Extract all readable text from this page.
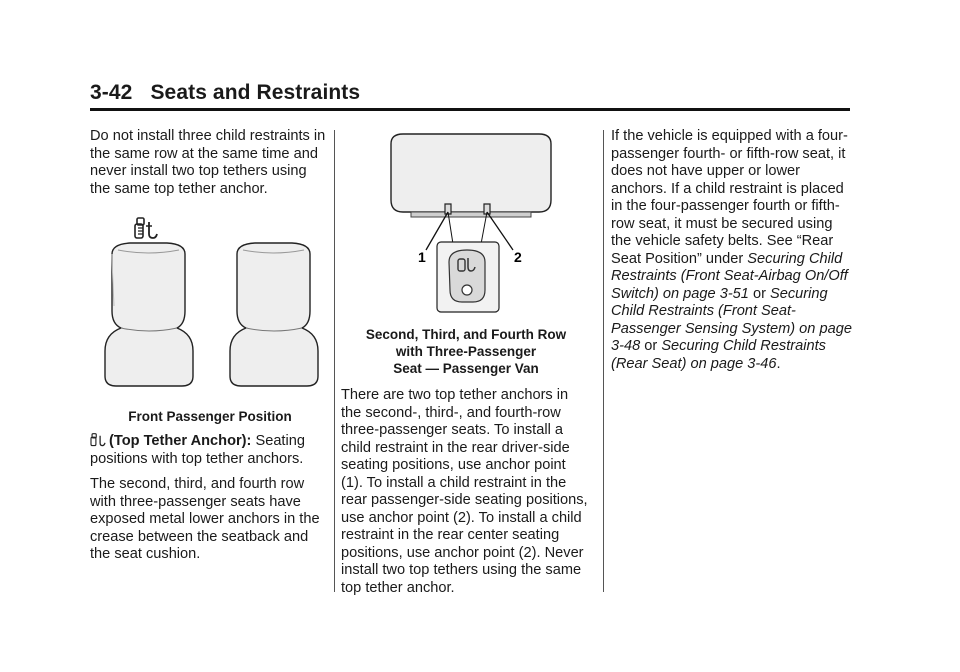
3-42 Seats and Restraints

Do not install three child restraints in the same row at the same time and never install two top tethers using the same top tether anchor.

Front Passenger Position

(Top Tether Anchor): Seating positions with top tether anchors.

The second, third, and fourth row with three-passenger seats have exposed metal lower anchors in the crease between the seatback and the seat cushion.

1	2

Second, Third, and Fourth Row
with Three-Passenger
Seat — Passenger Van

There are two top tether anchors in the second-, third-, and fourth-row three-passenger seats. To install a child restraint in the rear driver-side seating positions, use anchor point (1). To install a child restraint in the rear passenger-side seating positions, use anchor point (2). To install a child restraint in the rear center seating positions, use anchor point (2). Never install two top tethers using the same top tether anchor.

If the vehicle is equipped with a four-passenger fourth- or fifth-row seat, it does not have upper or lower anchors. If a child restraint is placed in the four-passenger fourth or fifth-row seat, it must be secured using the vehicle safety belts. See “Rear Seat Position” under Securing Child Restraints (Front Seat-Airbag On/Off Switch) on page 3-51 or Securing Child Restraints (Front Seat-Passenger Sensing System) on page 3-48 or Securing Child Restraints (Rear Seat) on page 3-46.
